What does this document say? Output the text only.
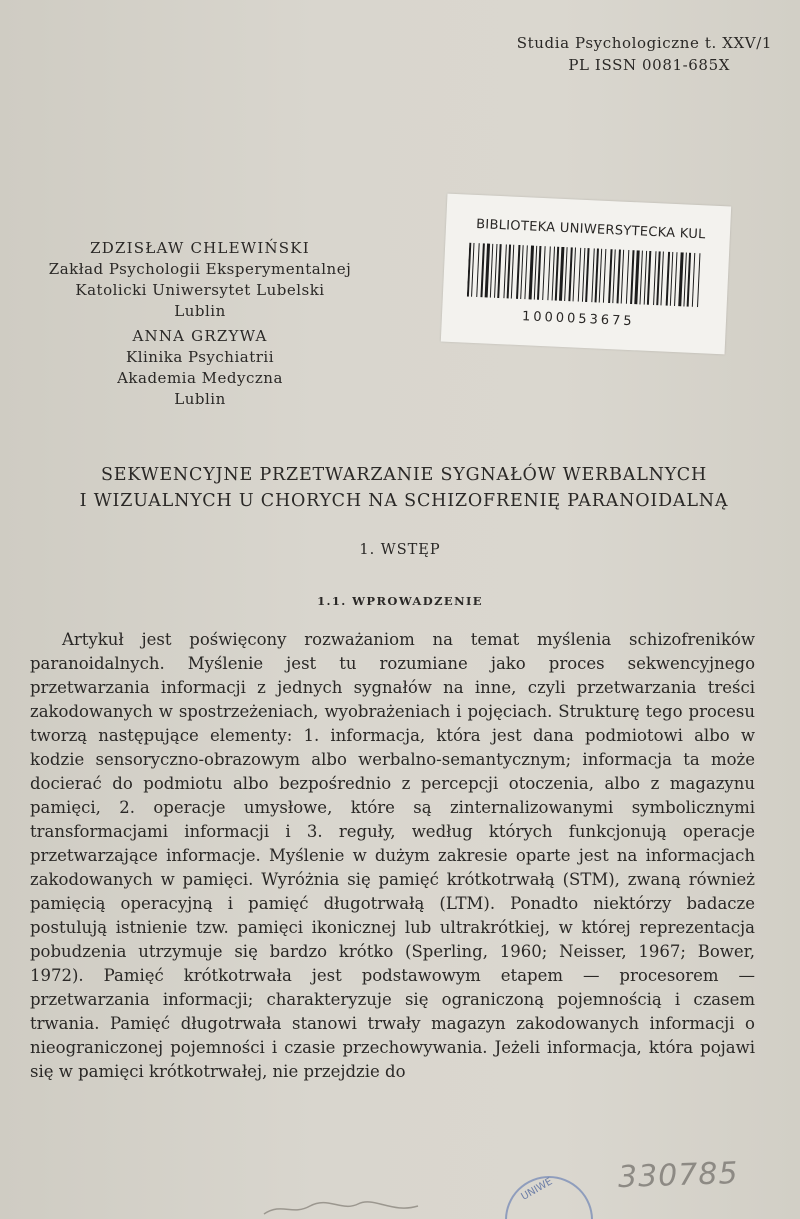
Studia Psychologiczne t. XXV/1
PL ISSN 0081-685X
ZDZISŁAW CHLEWIŃSKI
Zakład Psychologii Eksperymentalnej
Katolicki Uniwersytet Lubelski
Lublin
ANNA GRZYWA
Klinika Psychiatrii
Akademia Medyczna
Lublin
BIBLIOTEKA UNIWERSYTECKA KUL
1000053675
SEKWENCYJNE PRZETWARZANIE SYGNAŁÓW WERBALNYCH
I WIZUALNYCH U CHORYCH NA SCHIZOFRENIĘ PARANOIDALNĄ
1. WSTĘP
1.1. WPROWADZENIE

Artykuł jest poświęcony rozważaniom na temat myślenia schizofreników paranoidalnych. Myślenie jest tu rozumiane jako proces sekwencyjnego przetwarzania informacji z jednych sygnałów na inne, czyli przetwarzania treści zakodowanych w spostrzeżeniach, wyobrażeniach i pojęciach. Strukturę tego procesu tworzą następujące elementy: 1. informacja, która jest dana podmiotowi albo w kodzie sensoryczno-obrazowym albo werbalno-semantycznym; informacja ta może docierać do podmiotu albo bezpośrednio z percepcji otoczenia, albo z magazynu pamięci, 2. operacje umysłowe, które są zinternalizowanymi symbolicznymi transformacjami informacji i 3. reguły, według których funkcjonują operacje przetwarzające informacje. Myślenie w dużym zakresie oparte jest na informacjach zakodowanych w pamięci. Wyróżnia się pamięć krótkotrwałą (STM), zwaną również pamięcią operacyjną i pamięć długotrwałą (LTM). Ponadto niektórzy badacze postulują istnienie tzw. pamięci ikonicznej lub ultrakrótkiej, w której reprezentacja pobudzenia utrzymuje się bardzo krótko (Sperling, 1960; Neisser, 1967; Bower, 1972). Pamięć krótkotrwała jest podstawowym etapem — procesorem — przetwarzania informacji; charakteryzuje się ograniczoną pojemnością i czasem trwania. Pamięć długotrwała stanowi trwały magazyn zakodowanych informacji o nieograniczonej pojemności i czasie przechowywania. Jeżeli informacja, która pojawi się w pamięci krótkotrwałej, nie przejdzie do

330785
UNIWE
